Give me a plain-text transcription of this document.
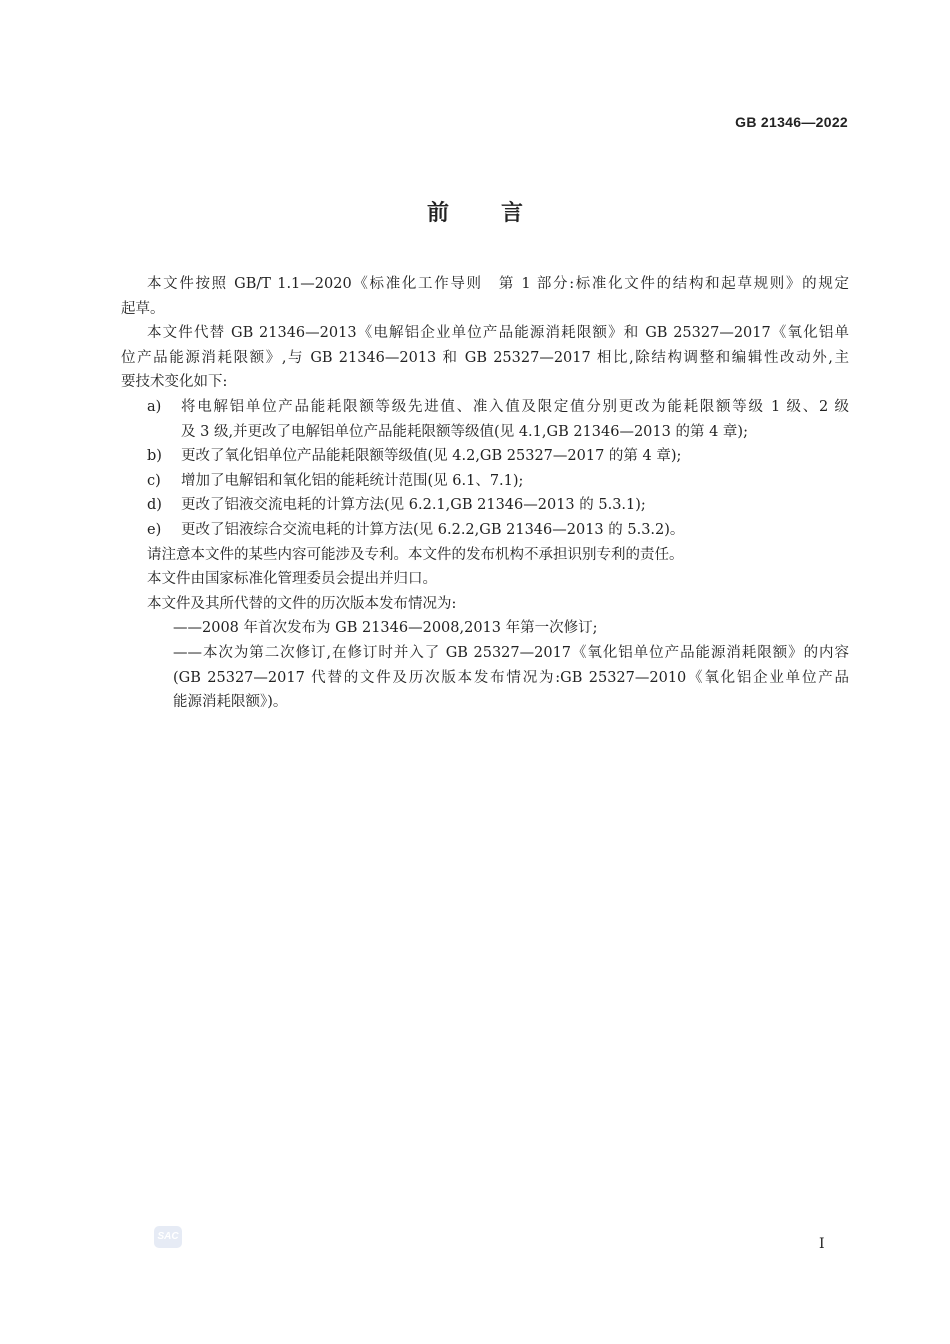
GB 21346—2022
前 言
本文件按照 GB/T 1.1—2020《标准化工作导则　第 1 部分:标准化文件的结构和起草规则》的规定
起草。
本文件代替 GB 21346—2013《电解铝企业单位产品能源消耗限额》和 GB 25327—2017《氧化铝单
位产品能源消耗限额》,与 GB 21346—2013 和 GB 25327—2017 相比,除结构调整和编辑性改动外,主
要技术变化如下:
a)	将电解铝单位产品能耗限额等级先进值、准入值及限定值分别更改为能耗限额等级 1 级、2 级
及 3 级,并更改了电解铝单位产品能耗限额等级值(见 4.1,GB 21346—2013 的第 4 章);
b)	更改了氧化铝单位产品能耗限额等级值(见 4.2,GB 25327—2017 的第 4 章);
c)	增加了电解铝和氧化铝的能耗统计范围(见 6.1、7.1);
d)	更改了铝液交流电耗的计算方法(见 6.2.1,GB 21346—2013 的 5.3.1);
e)	更改了铝液综合交流电耗的计算方法(见 6.2.2,GB 21346—2013 的 5.3.2)。
请注意本文件的某些内容可能涉及专利。本文件的发布机构不承担识别专利的责任。
本文件由国家标准化管理委员会提出并归口。
本文件及其所代替的文件的历次版本发布情况为:
——2008 年首次发布为 GB 21346—2008,2013 年第一次修订;
——本次为第二次修订,在修订时并入了 GB 25327—2017《氧化铝单位产品能源消耗限额》的内容
(GB 25327—2017 代替的文件及历次版本发布情况为:GB 25327—2010《氧化铝企业单位产品
能源消耗限额》)。
SAC	I
